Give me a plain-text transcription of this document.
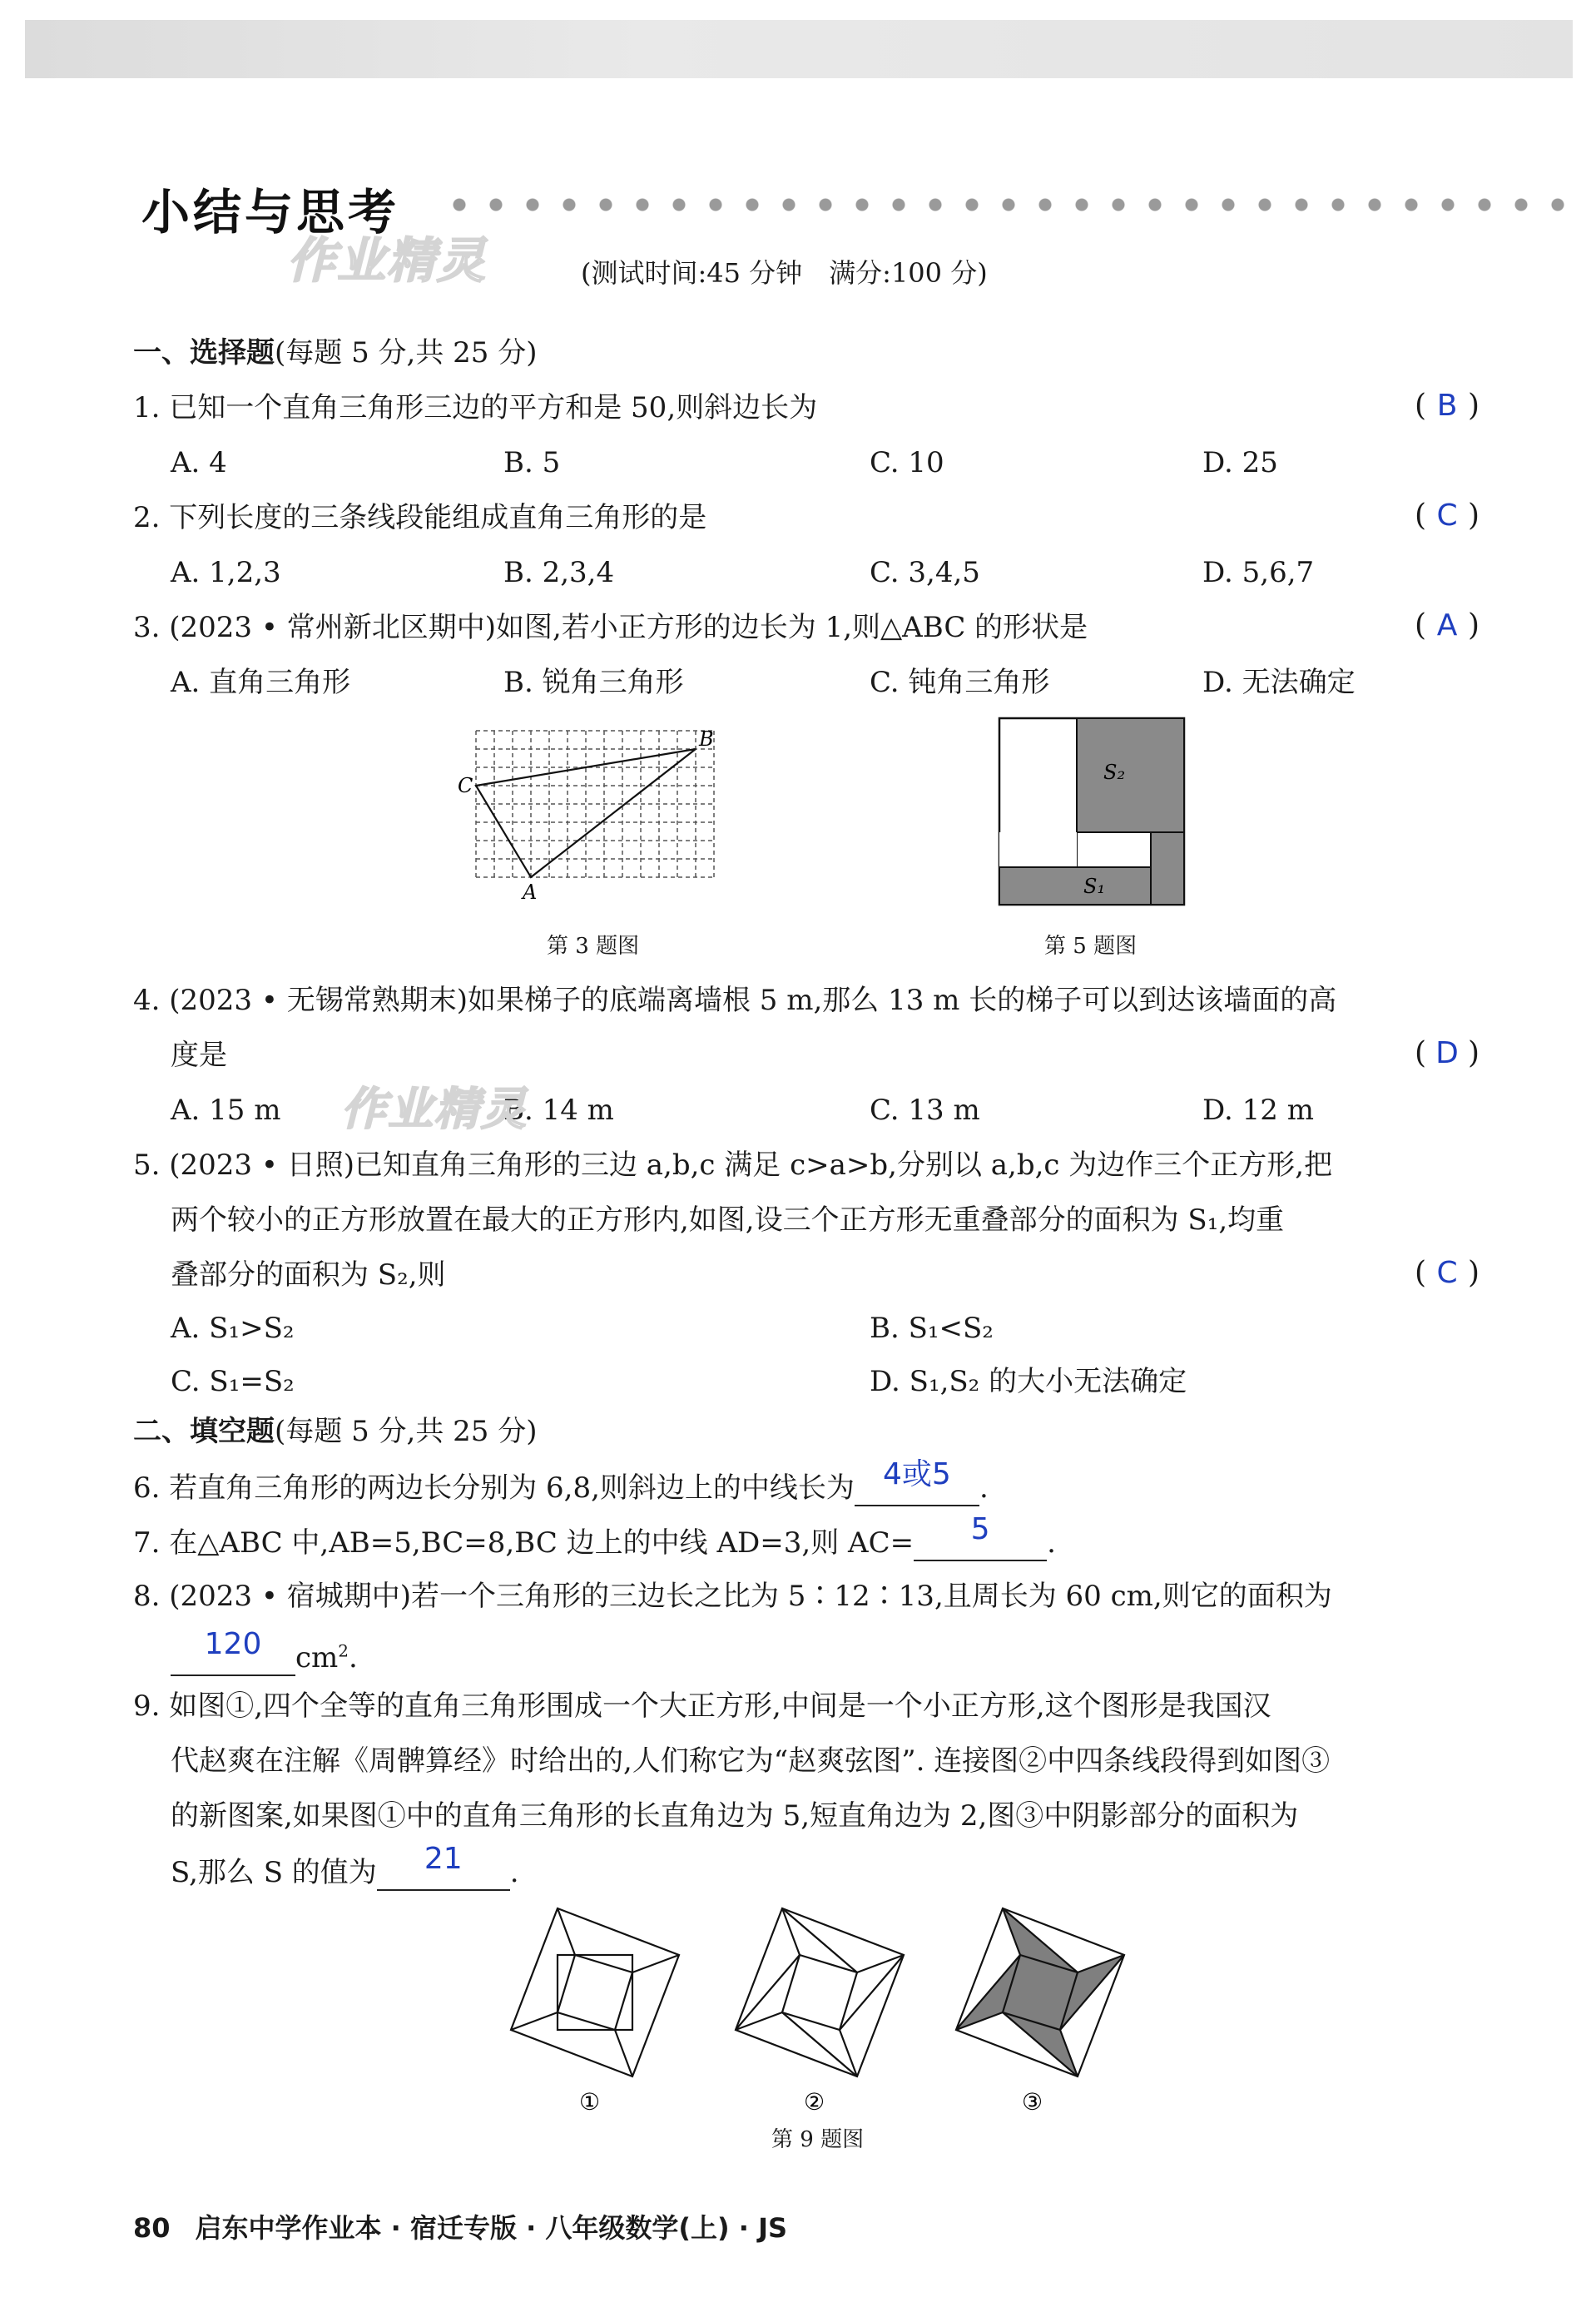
小结与思考
作业精灵	(测试时间:45 分钟　满分:100 分)
一、选择题(每题 5 分,共 25 分)
1. 已知一个直角三角形三边的平方和是 50,则斜边长为	( B )
A. 4	B. 5	C. 10	D. 25
2. 下列长度的三条线段能组成直角三角形的是	( C )
A. 1,2,3	B. 2,3,4	C. 3,4,5	D. 5,6,7
3. (2023 • 常州新北区期中)如图,若小正方形的边长为 1,则△ABC 的形状是	( A )
A. 直角三角形	B. 锐角三角形	C. 钝角三角形	D. 无法确定
C
B
A
第 3 题图
S₂
S₁
第 5 题图
4. (2023 • 无锡常熟期末)如果梯子的底端离墙根 5 m,那么 13 m 长的梯子可以到达该墙面的高
度是	( D )
A. 15 m	B. 14 m	C. 13 m	D. 12 m
作业精灵
5. (2023 • 日照)已知直角三角形的三边 a,b,c 满足 c>a>b,分别以 a,b,c 为边作三个正方形,把
两个较小的正方形放置在最大的正方形内,如图,设三个正方形无重叠部分的面积为 S₁,均重
叠部分的面积为 S₂,则	( C )
A. S₁>S₂	B. S₁<S₂
C. S₁=S₂	D. S₁,S₂ 的大小无法确定
二、填空题(每题 5 分,共 25 分)
6. 若直角三角形的两边长分别为 6,8,则斜边上的中线长为 4或5	.
7. 在△ABC 中,AB=5,BC=8,BC 边上的中线 AD=3,则 AC=	5	.
8. (2023 • 宿城期中)若一个三角形的三边长之比为 5∶12∶13,且周长为 60 cm,则它的面积为
120	$cm^2$.
9. 如图①,四个全等的直角三角形围成一个大正方形,中间是一个小正方形,这个图形是我国汉
代赵爽在注解《周髀算经》时给出的,人们称它为“赵爽弦图”. 连接图②中四条线段得到如图③
的新图案,如果图①中的直角三角形的长直角边为 5,短直角边为 2,图③中阴影部分的面积为
S,那么 S 的值为	21	.
①	②	③
第 9 题图
80 启东中学作业本 · 宿迁专版 · 八年级数学(上) · JS
